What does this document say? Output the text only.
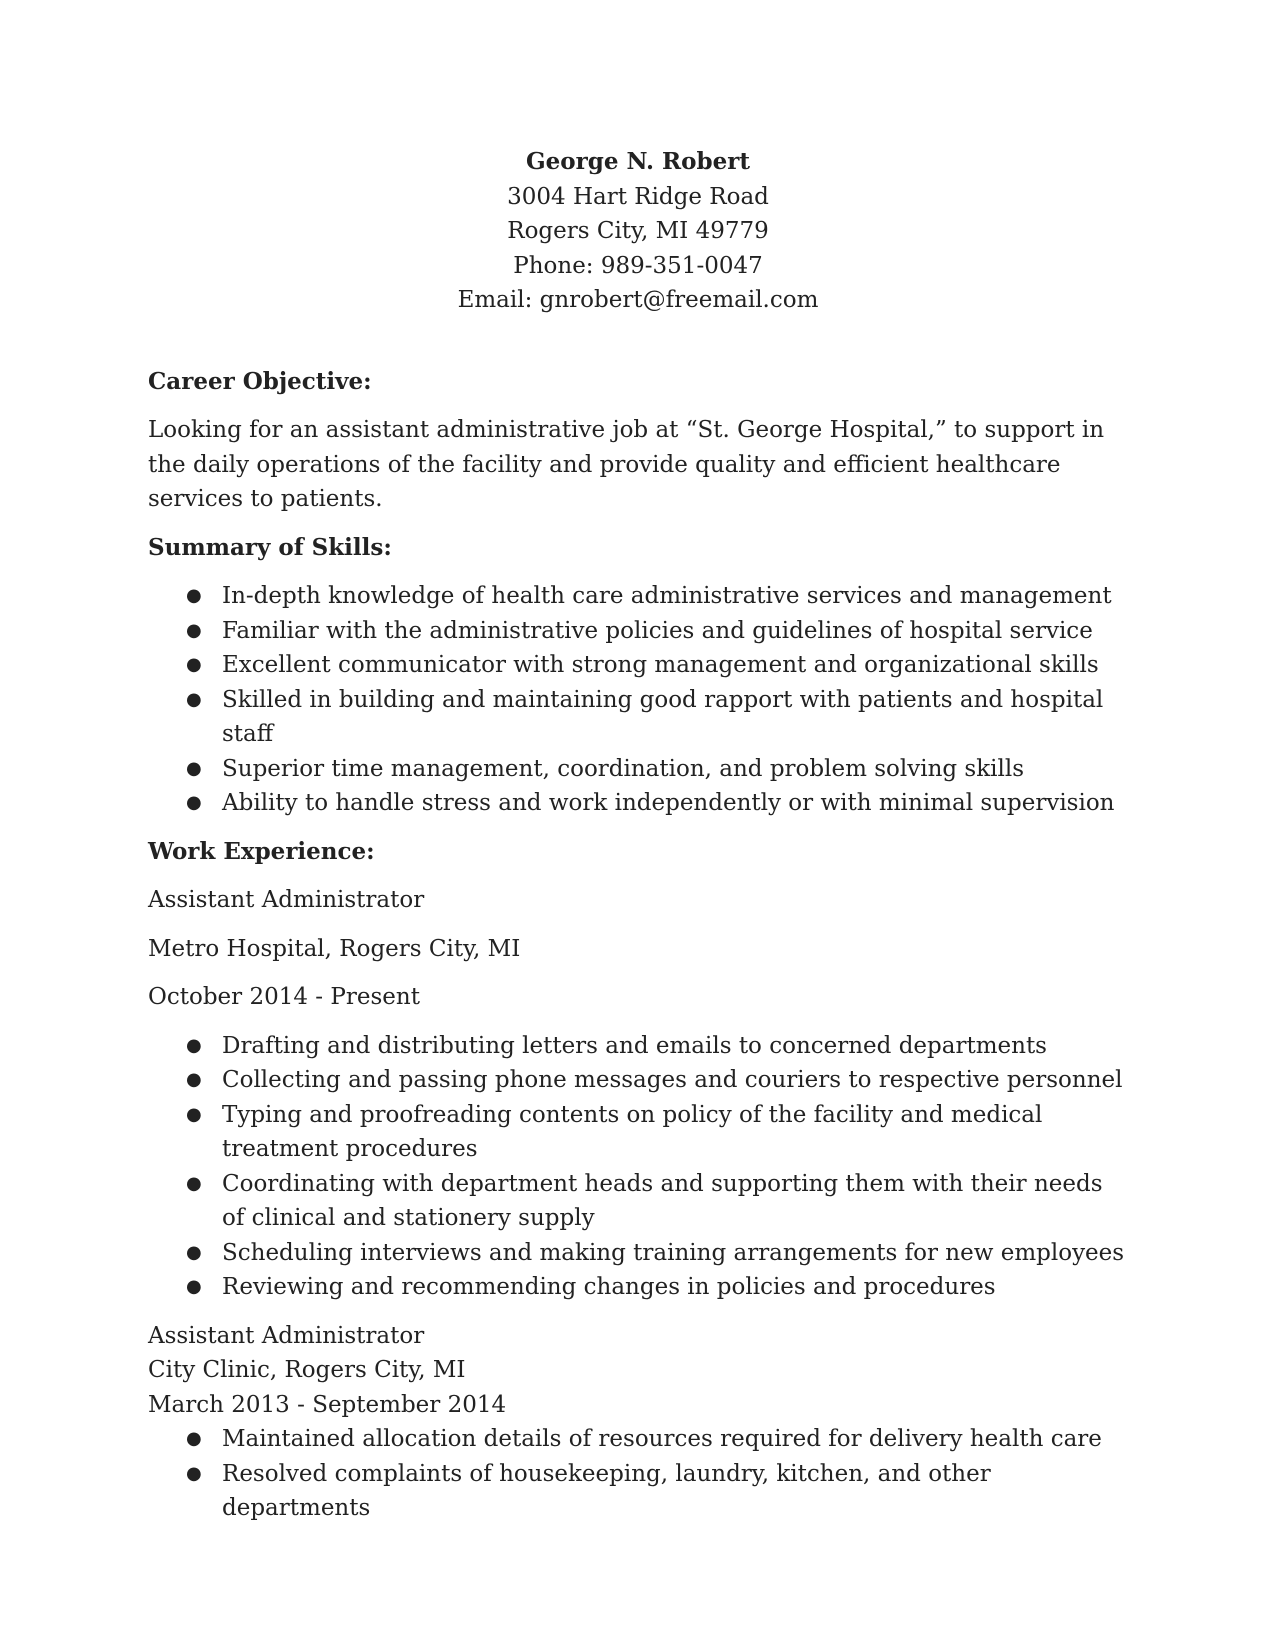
George N. Robert
3004 Hart Ridge Road
Rogers City, MI 49779
Phone: 989-351-0047
Email: gnrobert@freemail.com
Career Objective:
Looking for an assistant administrative job at “St. George Hospital,” to support in the daily operations of the facility and provide quality and efficient healthcare services to patients.
Summary of Skills:
● In-depth knowledge of health care administrative services and management
● Familiar with the administrative policies and guidelines of hospital service
● Excellent communicator with strong management and organizational skills
● Skilled in building and maintaining good rapport with patients and hospital staff
● Superior time management, coordination, and problem solving skills
● Ability to handle stress and work independently or with minimal supervision
Work Experience:
Assistant Administrator
Metro Hospital, Rogers City, MI
October 2014 - Present
● Drafting and distributing letters and emails to concerned departments
● Collecting and passing phone messages and couriers to respective personnel
● Typing and proofreading contents on policy of the facility and medical treatment procedures
● Coordinating with department heads and supporting them with their needs of clinical and stationery supply
● Scheduling interviews and making training arrangements for new employees
● Reviewing and recommending changes in policies and procedures
Assistant Administrator
City Clinic, Rogers City, MI
March 2013 - September 2014
● Maintained allocation details of resources required for delivery health care
● Resolved complaints of housekeeping, laundry, kitchen, and other departments
